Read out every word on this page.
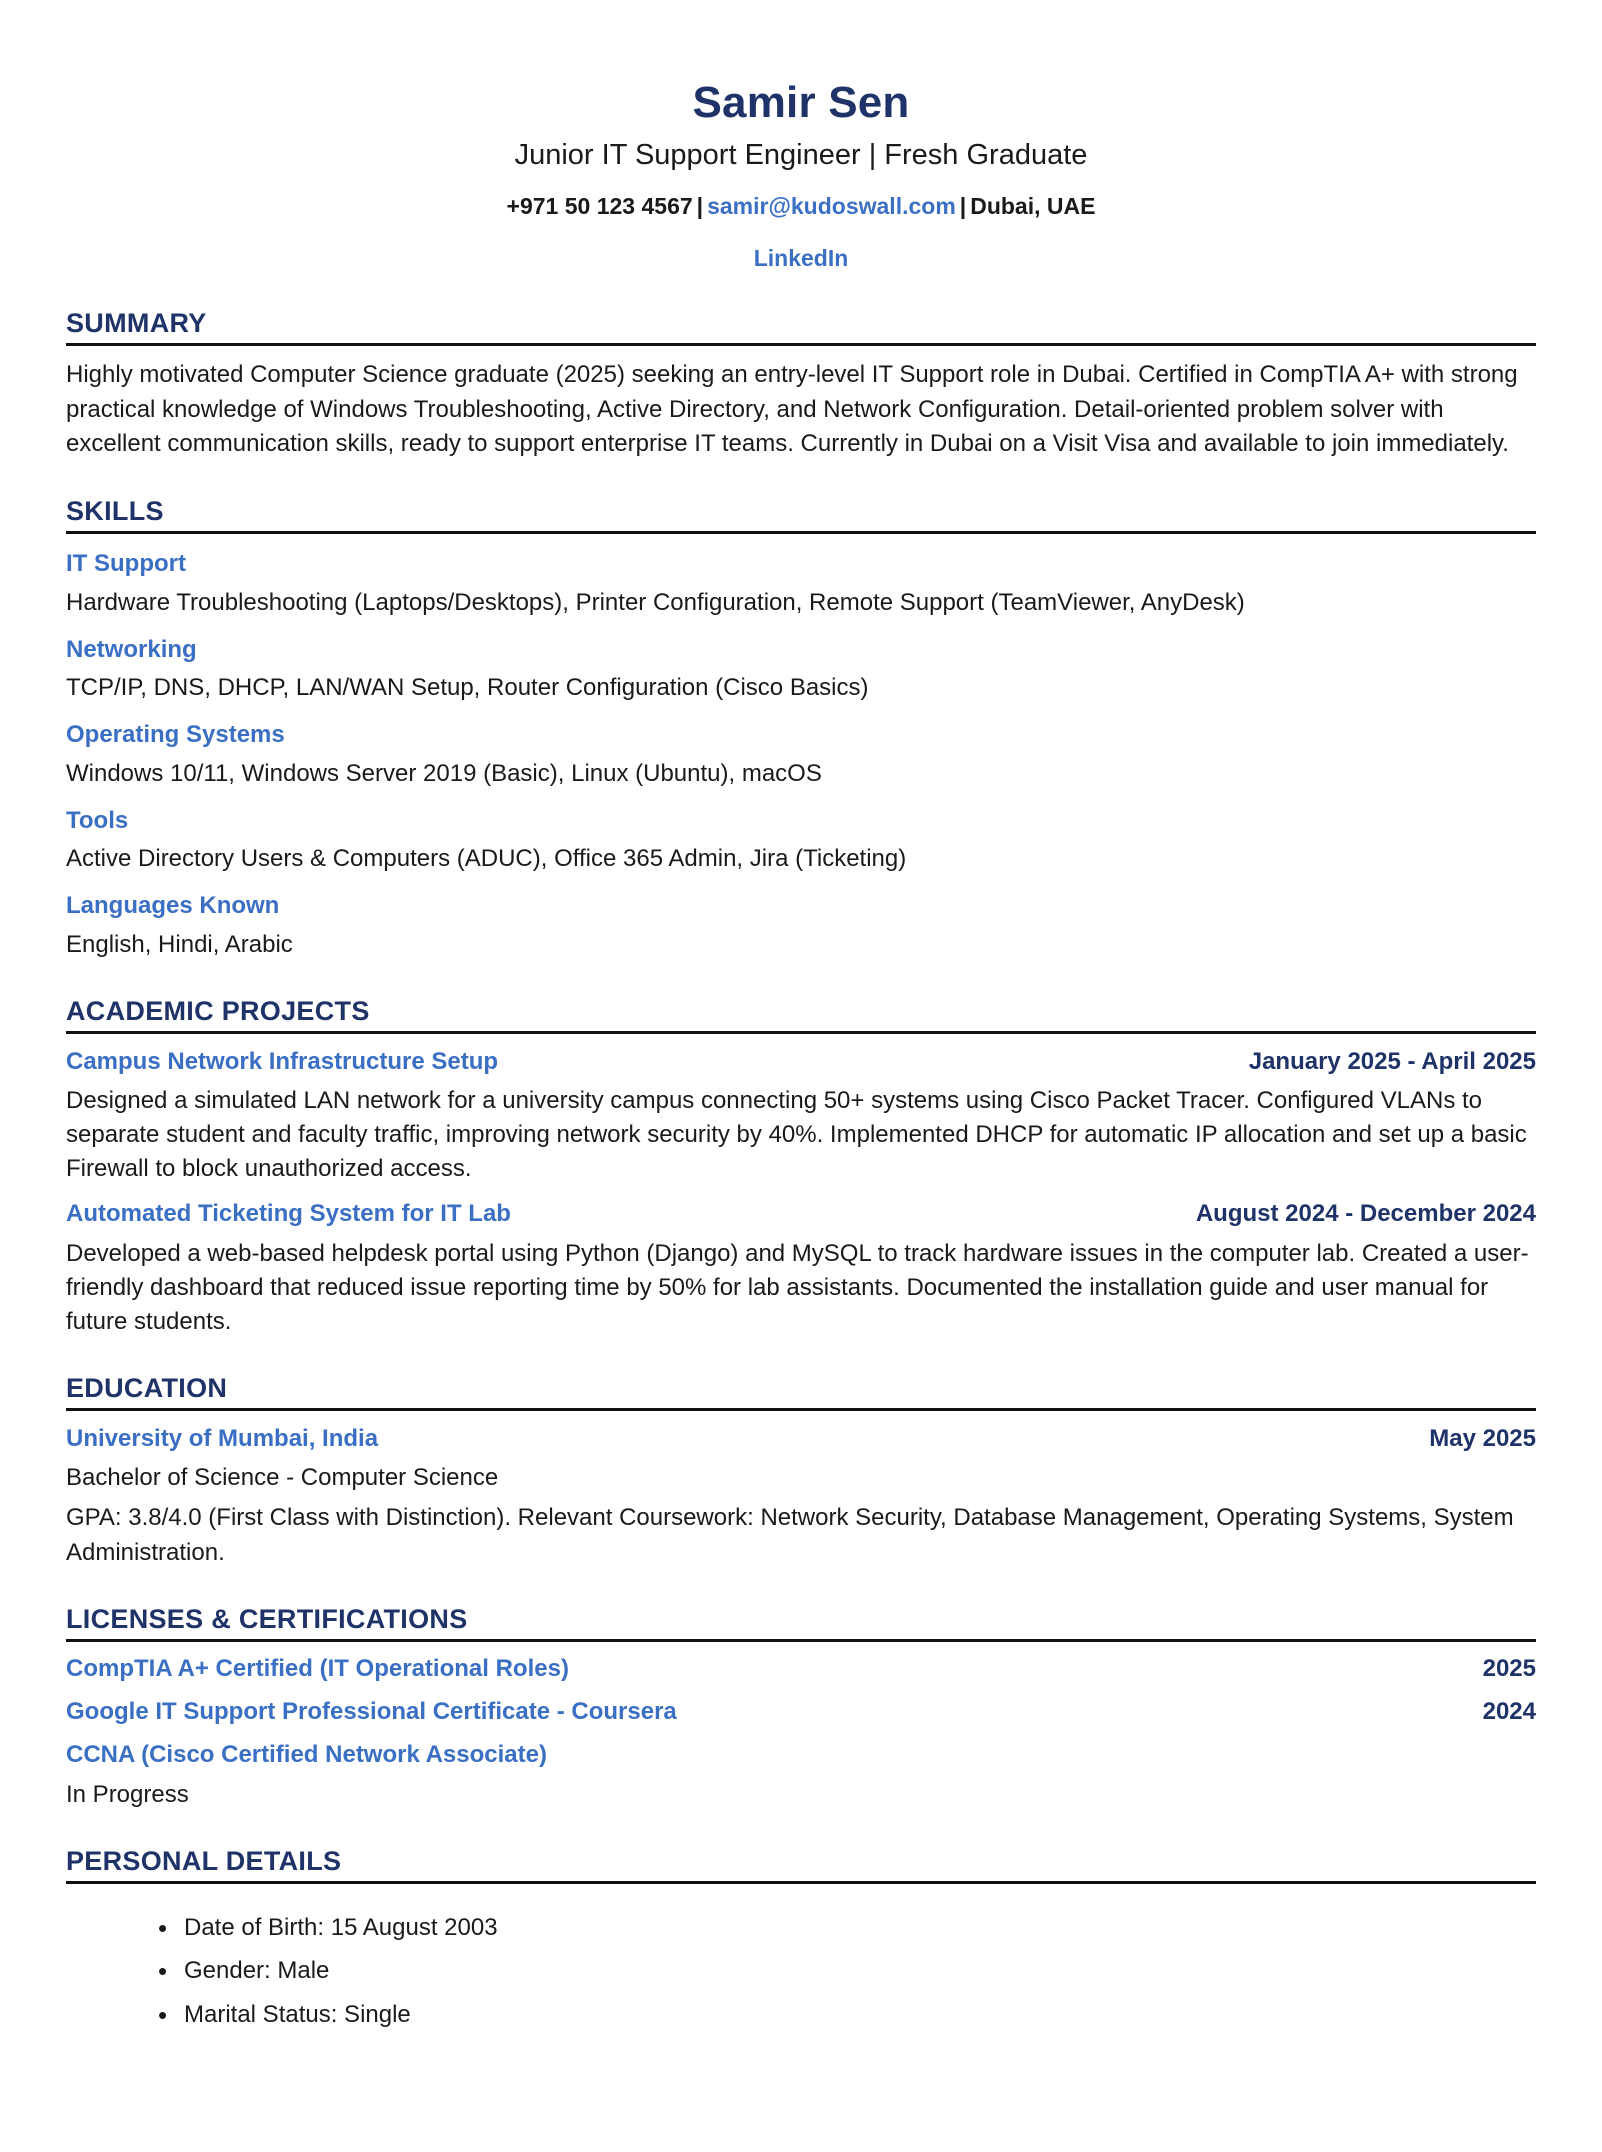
Samir Sen
Junior IT Support Engineer | Fresh Graduate
+971 50 123 4567 | samir@kudoswall.com | Dubai, UAE
LinkedIn
SUMMARY
Highly motivated Computer Science graduate (2025) seeking an entry-level IT Support role in Dubai. Certified in CompTIA A+ with strong practical knowledge of Windows Troubleshooting, Active Directory, and Network Configuration. Detail-oriented problem solver with excellent communication skills, ready to support enterprise IT teams. Currently in Dubai on a Visit Visa and available to join immediately.
SKILLS
IT Support
Hardware Troubleshooting (Laptops/Desktops), Printer Configuration, Remote Support (TeamViewer, AnyDesk)
Networking
TCP/IP, DNS, DHCP, LAN/WAN Setup, Router Configuration (Cisco Basics)
Operating Systems
Windows 10/11, Windows Server 2019 (Basic), Linux (Ubuntu), macOS
Tools
Active Directory Users & Computers (ADUC), Office 365 Admin, Jira (Ticketing)
Languages Known
English, Hindi, Arabic
ACADEMIC PROJECTS
Campus Network Infrastructure Setup	January 2025 - April 2025
Designed a simulated LAN network for a university campus connecting 50+ systems using Cisco Packet Tracer. Configured VLANs to separate student and faculty traffic, improving network security by 40%. Implemented DHCP for automatic IP allocation and set up a basic Firewall to block unauthorized access.
Automated Ticketing System for IT Lab	August 2024 - December 2024
Developed a web-based helpdesk portal using Python (Django) and MySQL to track hardware issues in the computer lab. Created a user-friendly dashboard that reduced issue reporting time by 50% for lab assistants. Documented the installation guide and user manual for future students.
EDUCATION
University of Mumbai, India	May 2025
Bachelor of Science - Computer Science
GPA: 3.8/4.0 (First Class with Distinction). Relevant Coursework: Network Security, Database Management, Operating Systems, System Administration.
LICENSES & CERTIFICATIONS
CompTIA A+ Certified (IT Operational Roles)	2025
Google IT Support Professional Certificate - Coursera	2024
CCNA (Cisco Certified Network Associate)
In Progress
PERSONAL DETAILS
• Date of Birth: 15 August 2003
• Gender: Male
• Marital Status: Single
